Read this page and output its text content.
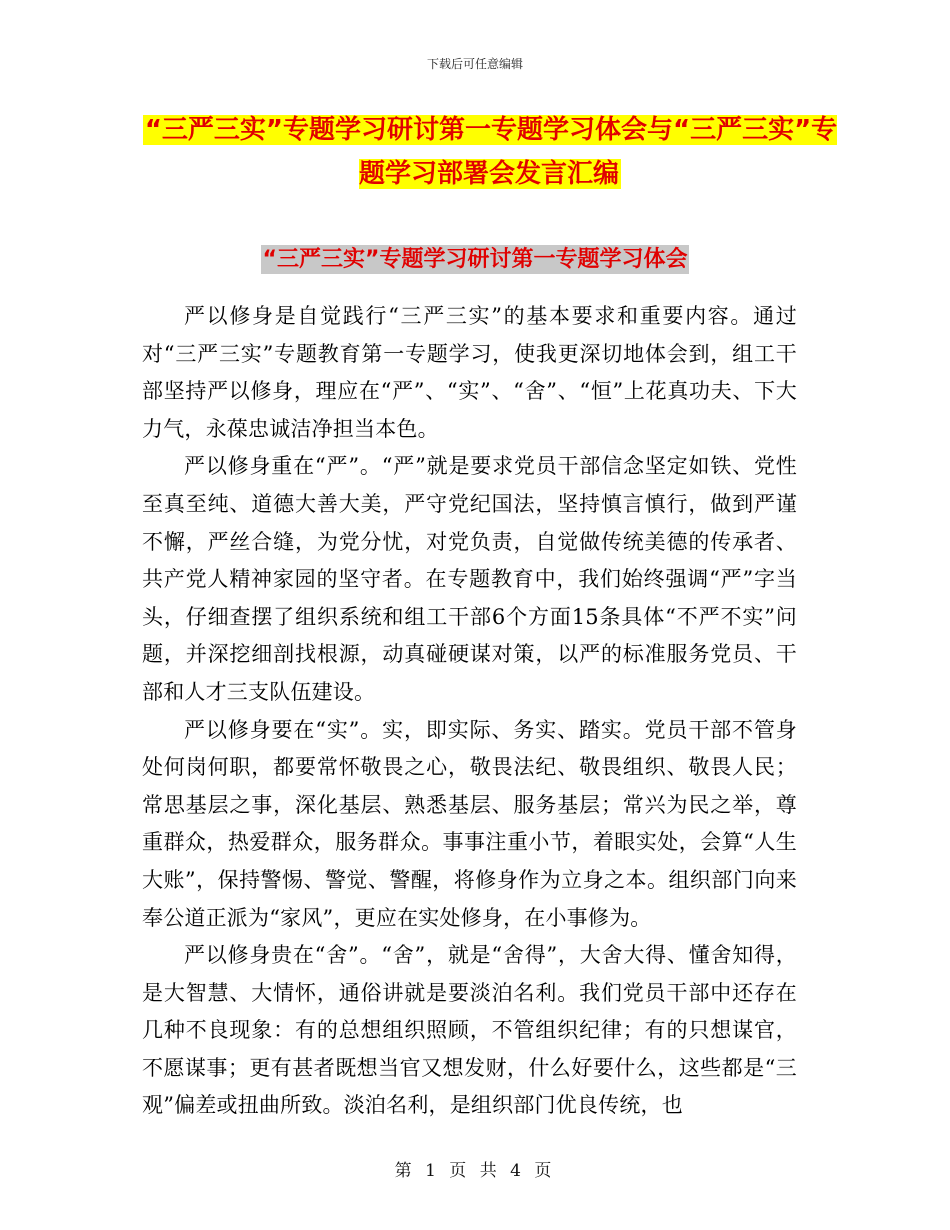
下载后可任意编辑
“三严三实”专题学习研讨第一专题学习体会与“三严三实”专题学习部署会发言汇编
“三严三实”专题学习研讨第一专题学习体会

严以修身是自觉践行“三严三实”的基本要求和重要内容。通过对“三严三实”专题教育第一专题学习，使我更深切地体会到，组工干部坚持严以修身，理应在“严”、“实”、“舍”、“恒”上花真功夫、下大力气，永葆忠诚洁净担当本色。

严以修身重在“严”。“严”就是要求党员干部信念坚定如铁、党性至真至纯、道德大善大美，严守党纪国法，坚持慎言慎行，做到严谨不懈，严丝合缝，为党分忧，对党负责，自觉做传统美德的传承者、共产党人精神家园的坚守者。在专题教育中，我们始终强调“严”字当头，仔细查摆了组织系统和组工干部6个方面15条具体“不严不实”问题，并深挖细剖找根源，动真碰硬谋对策，以严的标准服务党员、干部和人才三支队伍建设。

严以修身要在“实”。实，即实际、务实、踏实。党员干部不管身处何岗何职，都要常怀敬畏之心，敬畏法纪、敬畏组织、敬畏人民；常思基层之事，深化基层、熟悉基层、服务基层；常兴为民之举，尊重群众，热爱群众，服务群众。事事注重小节，着眼实处，会算“人生大账”，保持警惕、警觉、警醒，将修身作为立身之本。组织部门向来奉公道正派为“家风”，更应在实处修身，在小事修为。

严以修身贵在“舍”。“舍”，就是“舍得”，大舍大得、懂舍知得，是大智慧、大情怀，通俗讲就是要淡泊名利。我们党员干部中还存在几种不良现象：有的总想组织照顾，不管组织纪律；有的只想谋官，不愿谋事；更有甚者既想当官又想发财，什么好要什么，这些都是“三观”偏差或扭曲所致。淡泊名利，是组织部门优良传统，也

第 1 页 共 4 页
